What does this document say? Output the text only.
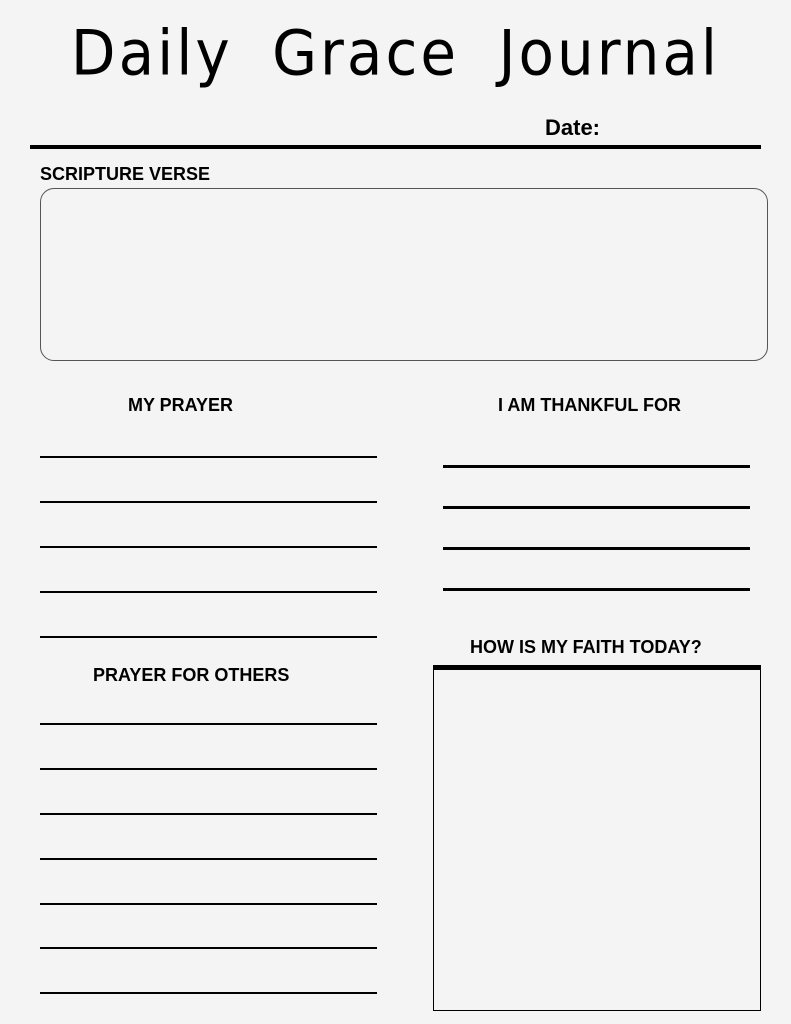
Daily Grace Journal
Date:
SCRIPTURE VERSE
MY PRAYER	I AM THANKFUL FOR
PRAYER FOR OTHERS
HOW IS MY FAITH TODAY?
